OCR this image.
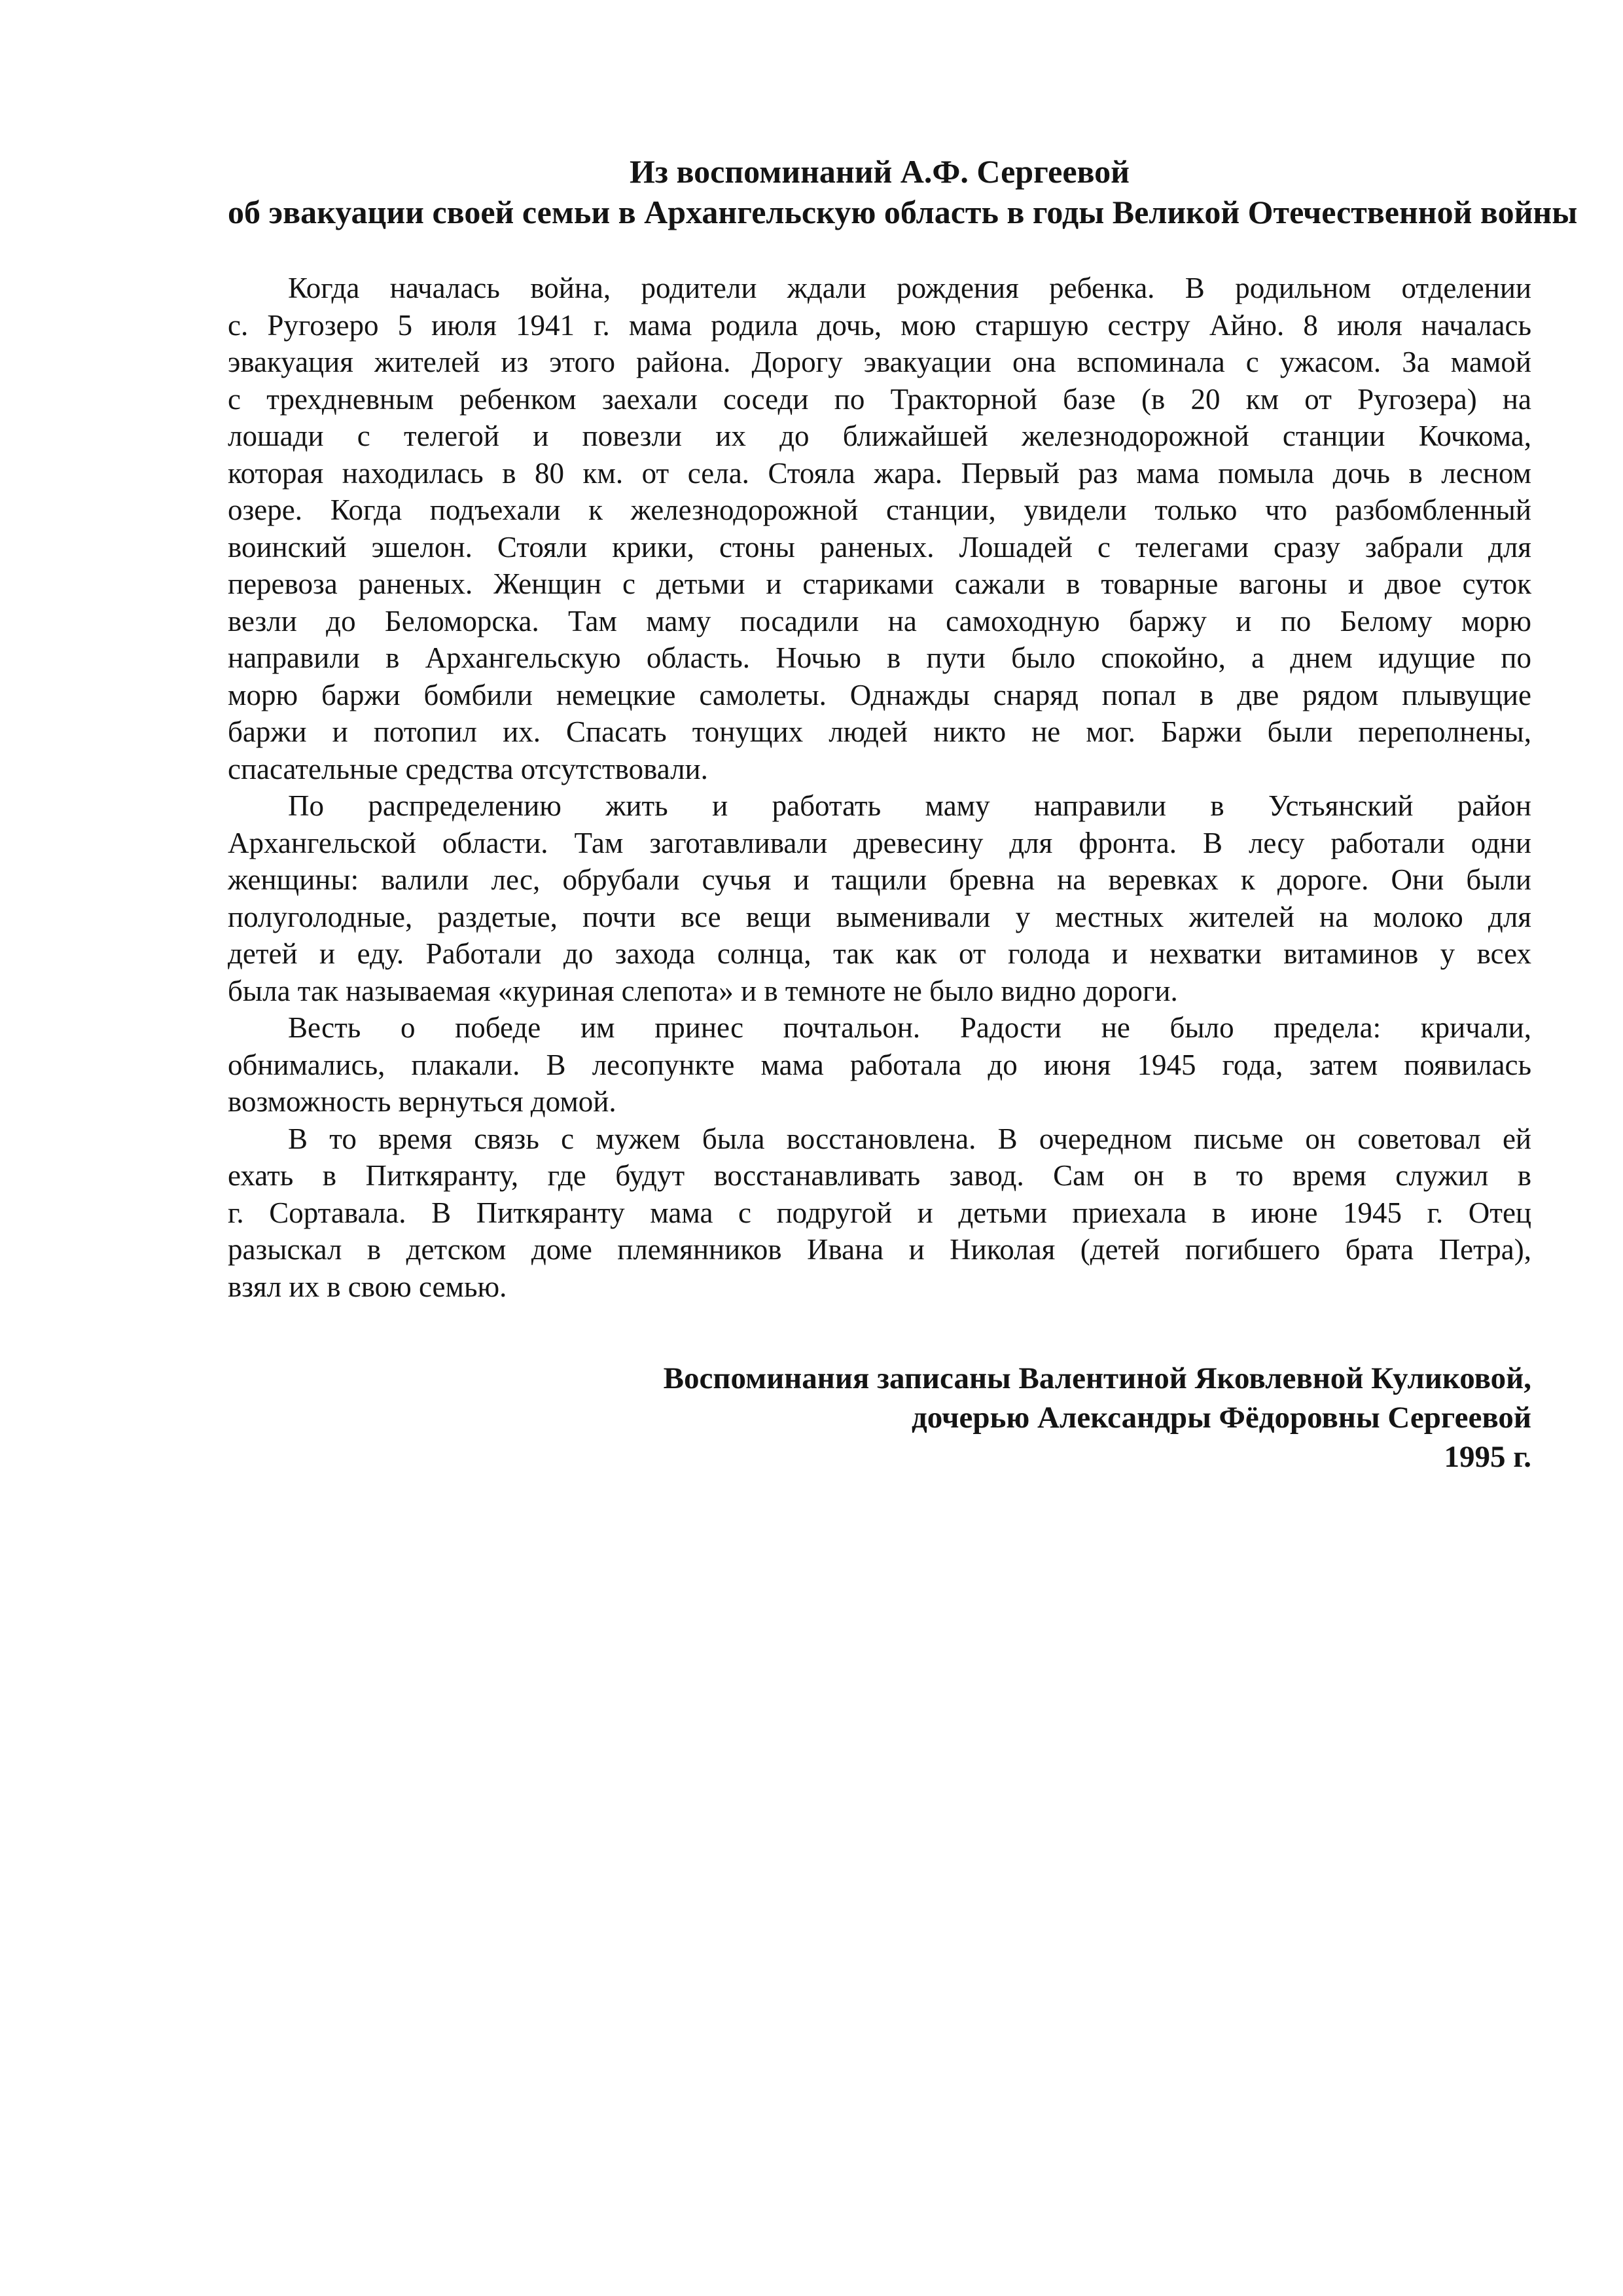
Из воспоминаний А.Ф. Сергеевой
об эвакуации своей семьи в Архангельскую область в годы Великой Отечественной войны
Когда началась война, родители ждали рождения ребенка. В родильном отделении
с. Ругозеро 5 июля 1941 г. мама родила дочь, мою старшую сестру Айно. 8 июля началась
эвакуация жителей из этого района. Дорогу эвакуации она вспоминала с ужасом. За мамой
с трехдневным ребенком заехали соседи по Тракторной базе (в 20 км от Ругозера) на
лошади с телегой и повезли их до ближайшей железнодорожной станции Кочкома,
которая находилась в 80 км. от села. Стояла жара. Первый раз мама помыла дочь в лесном
озере. Когда подъехали к железнодорожной станции, увидели только что разбомбленный
воинский эшелон. Стояли крики, стоны раненых. Лошадей с телегами сразу забрали для
перевоза раненых. Женщин с детьми и стариками сажали в товарные вагоны и двое суток
везли до Беломорска. Там маму посадили на самоходную баржу и по Белому морю
направили в Архангельскую область. Ночью в пути было спокойно, а днем идущие по
морю баржи бомбили немецкие самолеты. Однажды снаряд попал в две рядом плывущие
баржи и потопил их. Спасать тонущих людей никто не мог. Баржи были переполнены,
спасательные средства отсутствовали.
По распределению жить и работать маму направили в Устьянский район
Архангельской области. Там заготавливали древесину для фронта. В лесу работали одни
женщины: валили лес, обрубали сучья и тащили бревна на веревках к дороге. Они были
полуголодные, раздетые, почти все вещи выменивали у местных жителей на молоко для
детей и еду. Работали до захода солнца, так как от голода и нехватки витаминов у всех
была так называемая «куриная слепота» и в темноте не было видно дороги.
Весть о победе им принес почтальон. Радости не было предела: кричали,
обнимались, плакали. В лесопункте мама работала до июня 1945 года, затем появилась
возможность вернуться домой.
В то время связь с мужем была восстановлена. В очередном письме он советовал ей
ехать в Питкяранту, где будут восстанавливать завод. Сам он в то время служил в
г. Сортавала. В Питкяранту мама с подругой и детьми приехала в июне 1945 г. Отец
разыскал в детском доме племянников Ивана и Николая (детей погибшего брата Петра),
взял их в свою семью.
Воспоминания записаны Валентиной Яковлевной Куликовой,
дочерью Александры Фёдоровны Сергеевой
1995 г.
